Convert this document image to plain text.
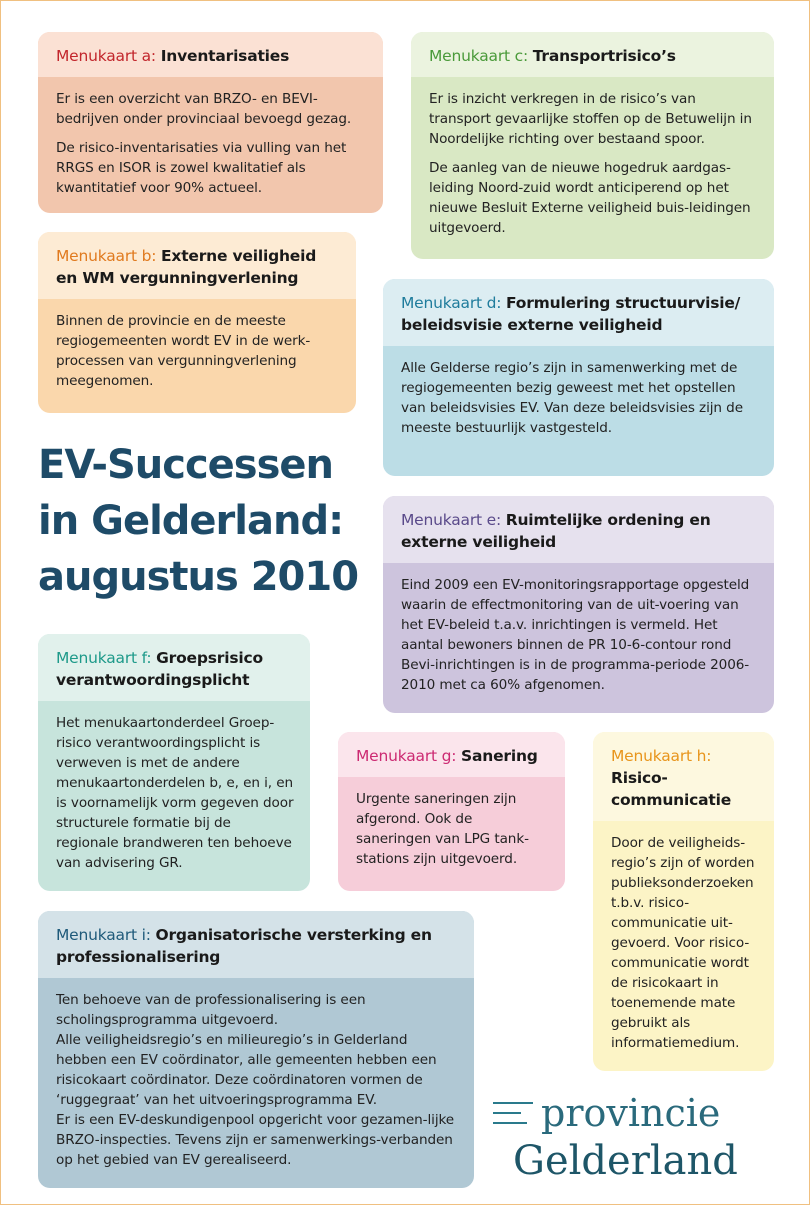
Menukaart a: Inventarisaties

Er is een overzicht van BRZO- en BEVI-bedrijven onder provinciaal bevoegd gezag.

De risico-inventarisaties via vulling van het RRGS en ISOR is zowel kwalitatief als kwantitatief voor 90% actueel.

Menukaart b: Externe veiligheid en WM vergunningverlening

Binnen de provincie en de meeste regiogemeenten wordt EV in de werk-processen van vergunningverlening meegenomen.

Menukaart c: Transportrisico’s

Er is inzicht verkregen in de risico’s van transport gevaarlijke stoffen op de Betuwelijn in Noordelijke richting over bestaand spoor.

De aanleg van de nieuwe hogedruk aardgas-leiding Noord-zuid wordt anticiperend op het nieuwe Besluit Externe veiligheid buis-leidingen uitgevoerd.

Menukaart d: Formulering structuurvisie/ beleidsvisie externe veiligheid

Alle Gelderse regio’s zijn in samenwerking met de regiogemeenten bezig geweest met het opstellen van beleidsvisies EV. Van deze beleidsvisies zijn de meeste bestuurlijk vastgesteld.

EV-Successen
in Gelderland:
augustus 2010
Menukaart e: Ruimtelijke ordening en externe veiligheid

Eind 2009 een EV-monitoringsrapportage opgesteld waarin de effectmonitoring van de uit-voering van het EV-beleid t.a.v. inrichtingen is vermeld. Het aantal bewoners binnen de PR 10-6-contour rond Bevi-inrichtingen is in de programma-periode 2006-2010 met ca 60% afgenomen.

Menukaart f: Groepsrisico verantwoordingsplicht

Het menukaartonderdeel Groep-risico verantwoordingsplicht is verweven is met de andere menukaartonderdelen b, e, en i, en is voornamelijk vorm gegeven door structurele formatie bij de regionale brandweren ten behoeve van advisering GR.

Menukaart g: Sanering

Urgente saneringen zijn afgerond. Ook de saneringen van LPG tank-stations zijn uitgevoerd.

Menukaart h:
Risico-communicatie

Door de veiligheids-regio’s zijn of worden publieksonderzoeken t.b.v. risico-communicatie uit-gevoerd. Voor risico-communicatie wordt de risicokaart in toenemende mate gebruikt als informatiemedium.

Menukaart i: Organisatorische versterking en professionalisering

Ten behoeve van de professionalisering is een scholingsprogramma uitgevoerd.

Alle veiligheidsregio’s en milieuregio’s in Gelderland hebben een EV coördinator, alle gemeenten hebben een risicokaart coördinator. Deze coördinatoren vormen de ‘ruggegraat’ van het uitvoeringsprogramma EV.

Er is een EV-deskundigenpool opgericht voor gezamen-lijke BRZO-inspecties. Tevens zijn er samenwerkings-verbanden op het gebied van EV gerealiseerd.

provincie
Gelderland
